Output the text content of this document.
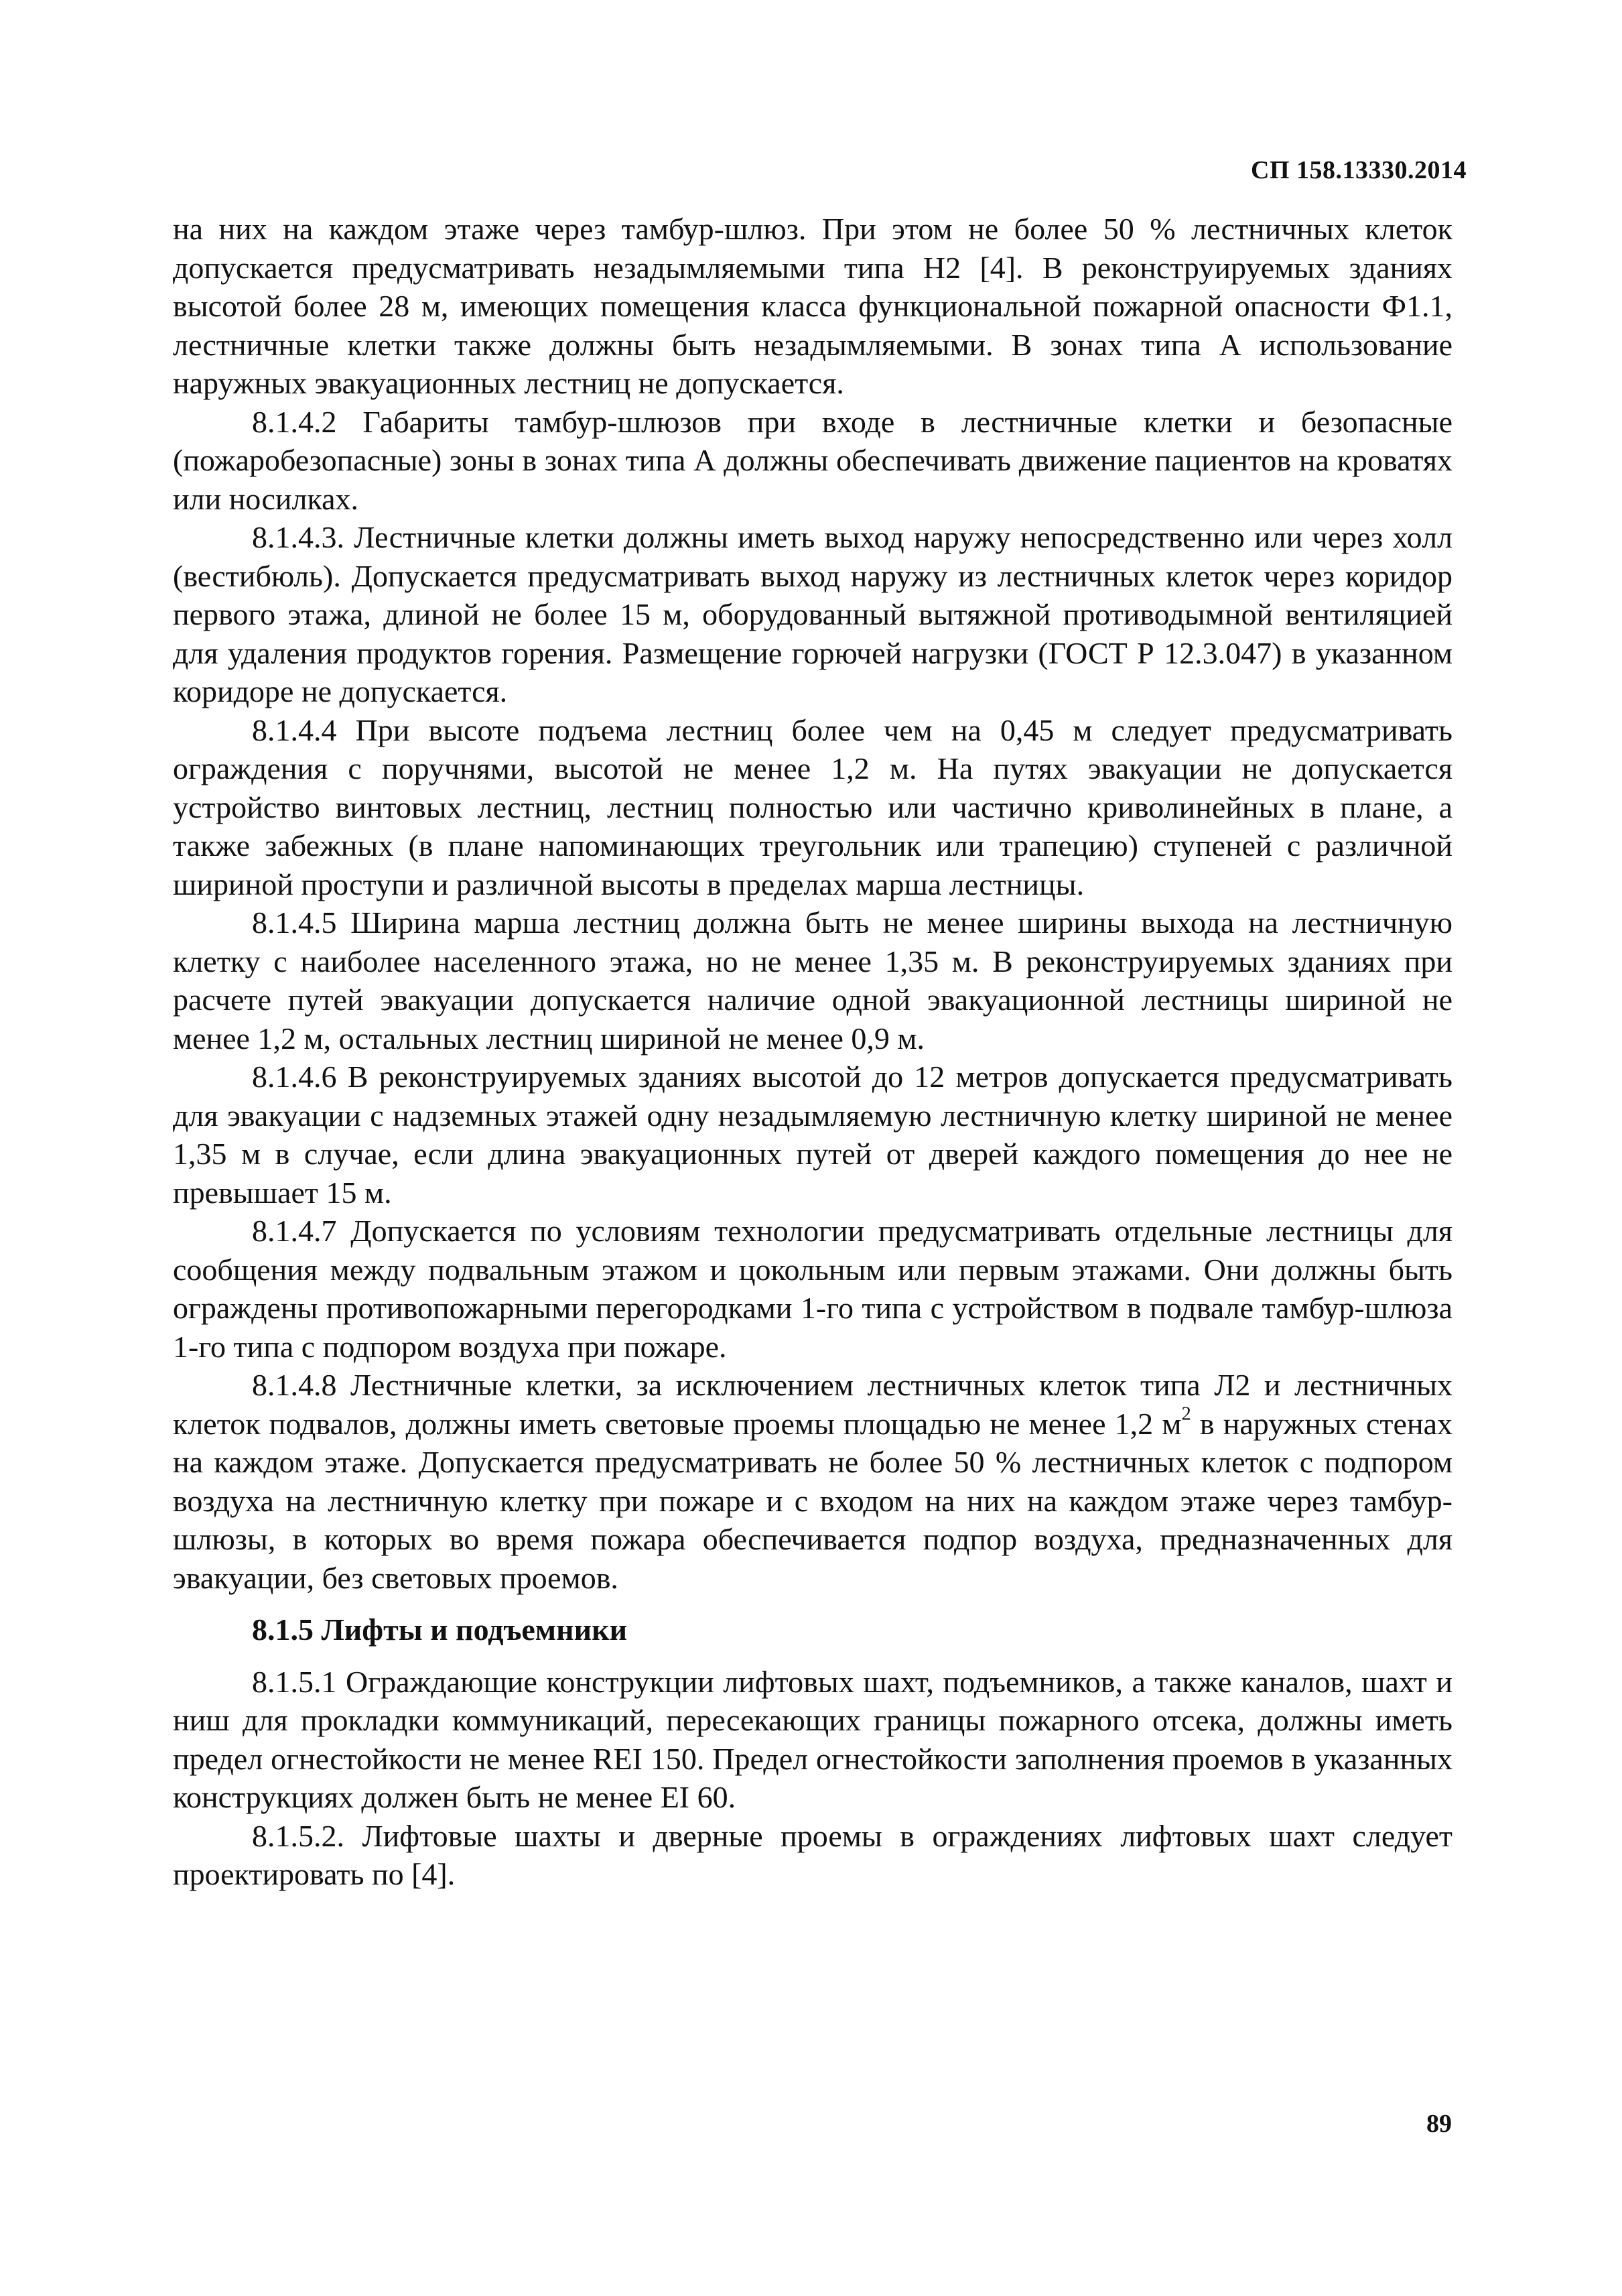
СП 158.13330.2014

на них на каждом этаже через тамбур-шлюз. При этом не более 50 % лестничных клеток допускается предусматривать незадымляемыми типа Н2 [4]. В реконструируемых зданиях высотой более 28 м, имеющих помещения класса функциональной пожарной опасности Ф1.1, лестничные клетки также должны быть незадымляемыми. В зонах типа А использование наружных эвакуационных лестниц не допускается.

8.1.4.2 Габариты тамбур-шлюзов при входе в лестничные клетки и безопасные (пожаробезопасные) зоны в зонах типа А должны обеспечивать движение пациентов на кроватях или носилках.

8.1.4.3. Лестничные клетки должны иметь выход наружу непосредственно или через холл (вестибюль). Допускается предусматривать выход наружу из лестничных клеток через коридор первого этажа, длиной не более 15 м, оборудованный вытяжной противодымной вентиляцией для удаления продуктов горения. Размещение горючей нагрузки (ГОСТ Р 12.3.047) в указанном коридоре не допускается.

8.1.4.4 При высоте подъема лестниц более чем на 0,45 м следует предусматривать ограждения с поручнями, высотой не менее 1,2 м. На путях эвакуации не допускается устройство винтовых лестниц, лестниц полностью или частично криволинейных в плане, а также забежных (в плане напоминающих треугольник или трапецию) ступеней с различной шириной проступи и различной высоты в пределах марша лестницы.

8.1.4.5 Ширина марша лестниц должна быть не менее ширины выхода на лестничную клетку с наиболее населенного этажа, но не менее 1,35 м. В реконструируемых зданиях при расчете путей эвакуации допускается наличие одной эвакуационной лестницы шириной не менее 1,2 м, остальных лестниц шириной не менее 0,9 м.

8.1.4.6 В реконструируемых зданиях высотой до 12 метров допускается предусматривать для эвакуации с надземных этажей одну незадымляемую лестничную клетку шириной не менее 1,35 м в случае, если длина эвакуационных путей от дверей каждого помещения до нее не превышает 15 м.

8.1.4.7 Допускается по условиям технологии предусматривать отдельные лестницы для сообщения между подвальным этажом и цокольным или первым этажами. Они должны быть ограждены противопожарными перегородками 1-го типа с устройством в подвале тамбур-шлюза 1-го типа с подпором воздуха при пожаре.

8.1.4.8 Лестничные клетки, за исключением лестничных клеток типа Л2 и лестничных клеток подвалов, должны иметь световые проемы площадью не менее 1,2 $м^2$ в наружных стенах на каждом этаже. Допускается предусматривать не более 50 % лестничных клеток с подпором воздуха на лестничную клетку при пожаре и с входом на них на каждом этаже через тамбур-шлюзы, в которых во время пожара обеспечивается подпор воздуха, предназначенных для эвакуации, без световых проемов.

8.1.5 Лифты и подъемники

8.1.5.1 Ограждающие конструкции лифтовых шахт, подъемников, а также каналов, шахт и ниш для прокладки коммуникаций, пересекающих границы пожарного отсека, должны иметь предел огнестойкости не менее REI 150. Предел огнестойкости заполнения проемов в указанных конструкциях должен быть не менее EI 60.

8.1.5.2. Лифтовые шахты и дверные проемы в ограждениях лифтовых шахт следует проектировать по [4].

89
